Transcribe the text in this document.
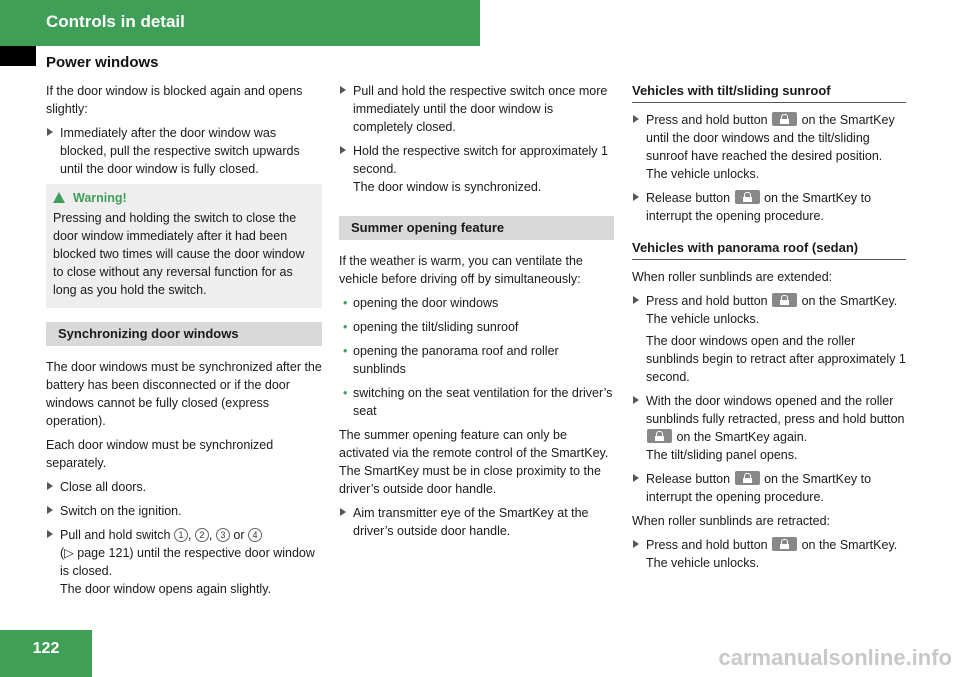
Controls in detail
Power windows

If the door window is blocked again and opens slightly:

Immediately after the door window was blocked, pull the respective switch upwards until the door window is fully closed.
Warning!
Pressing and holding the switch to close the door window immediately after it had been blocked two times will cause the door window to close without any reversal function for as long as you hold the switch.
Synchronizing door windows

The door windows must be synchronized after the battery has been disconnected or if the door windows cannot be fully closed (express operation).

Each door window must be synchronized separately.

Close all doors.
Switch on the ignition.
Pull and hold switch 1 , 2 , 3 or 4
(▷ page 121) until the respective door window is closed.
The door window opens again slightly.
Pull and hold the respective switch once more immediately until the door window is completely closed.
Hold the respective switch for approximately 1 second.
The door window is synchronized.
Summer opening feature

If the weather is warm, you can ventilate the vehicle before driving off by simultaneously:

• opening the door windows
• opening the tilt/sliding sunroof
• opening the panorama roof and roller sunblinds
• switching on the seat ventilation for the driver’s seat

The summer opening feature can only be activated via the remote control of the SmartKey. The SmartKey must be in close proximity to the driver’s outside door handle.

Aim transmitter eye of the SmartKey at the driver’s outside door handle.
Vehicles with tilt/sliding sunroof
Press and hold button	on the SmartKey until the door windows and the tilt/sliding sunroof have reached the desired position.
The vehicle unlocks.
Release button	on the SmartKey to interrupt the opening procedure.
Vehicles with panorama roof (sedan)

When roller sunblinds are extended:

Press and hold button	on the SmartKey.
The vehicle unlocks.
The door windows open and the roller sunblinds begin to retract after approximately 1 second.
With the door windows opened and the roller sunblinds fully retracted, press and hold button  on the SmartKey again.
The tilt/sliding panel opens.
Release button	on the SmartKey to interrupt the opening procedure.

When roller sunblinds are retracted:

Press and hold button	on the SmartKey.
The vehicle unlocks.
122	carmanualsonline.info
